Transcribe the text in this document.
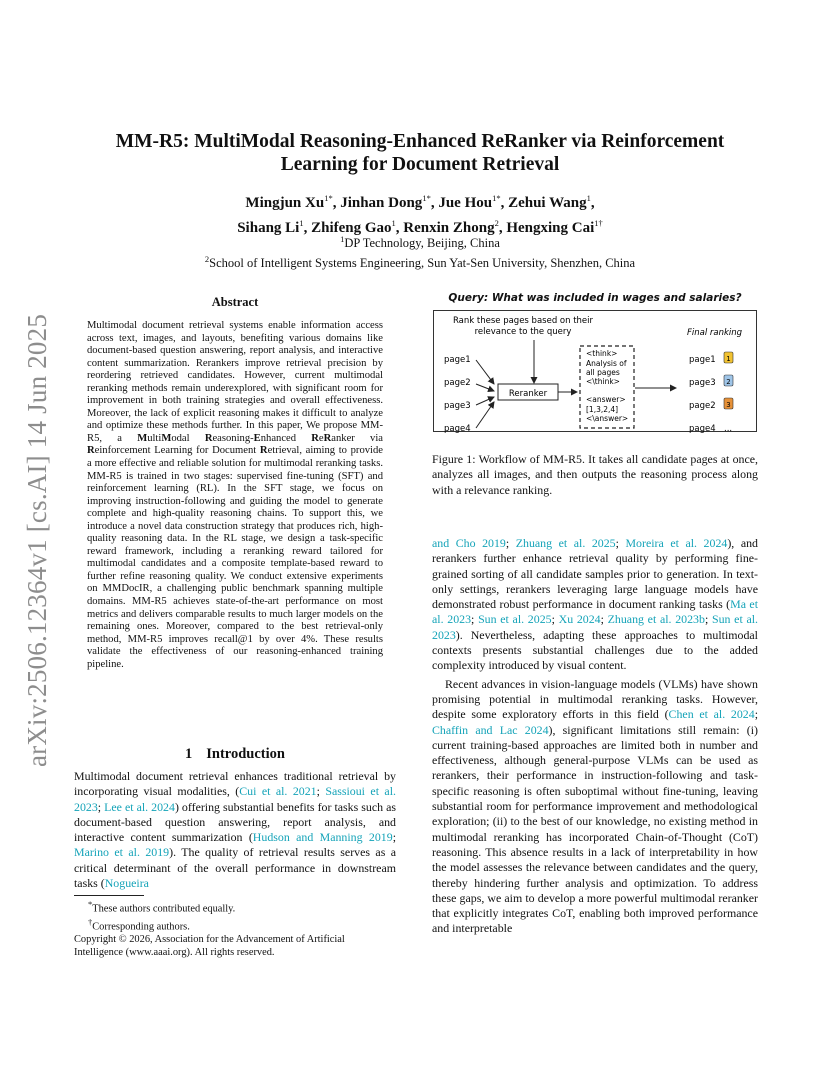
arXiv:2506.12364v1 [cs.AI] 14 Jun 2025
MM-R5: MultiModal Reasoning-Enhanced ReRanker via Reinforcement Learning for Document Retrieval
Mingjun $Xu^{1*}$, Jinhan Dong$^{1*}$, Jue Hou$^{1*}$, Zehui Wang$^1$,
Sihang Li$^1$, Zhifeng Gao$^1$, Renxin Zhong$^2$, Hengxing Cai$^{1\dagger}$
$^1$DP Technology, Beijing, China
$^2$School of Intelligent Systems Engineering, Sun Yat-Sen University, Shenzhen, China
Abstract
Multimodal document retrieval systems enable information access across text, images, and layouts, benefiting various domains like document-based question answering, report analysis, and interactive content summarization. Rerankers improve retrieval precision by reordering retrieved candidates. However, current multimodal reranking methods remain underexplored, with significant room for improvement in both training strategies and overall effectiveness. Moreover, the lack of explicit reasoning makes it difficult to analyze and optimize these methods further. In this paper, We propose MM-R5, a MultiModal Reasoning-Enhanced ReRanker via Reinforcement Learning for Document Retrieval, aiming to provide a more effective and reliable solution for multimodal reranking tasks. MM-R5 is trained in two stages: supervised fine-tuning (SFT) and reinforcement learning (RL). In the SFT stage, we focus on improving instruction-following and guiding the model to generate complete and high-quality reasoning chains. To support this, we introduce a novel data construction strategy that produces rich, high-quality reasoning data. In the RL stage, we design a task-specific reward framework, including a reranking reward tailored for multimodal candidates and a composite template-based reward to further refine reasoning quality. We conduct extensive experiments on MMDocIR, a challenging public benchmark spanning multiple domains. MM-R5 achieves state-of-the-art performance on most metrics and delivers comparable results to much larger models on the remaining ones. Moreover, compared to the best retrieval-only method, MM-R5 improves recall@1 by over 4%. These results validate the effectiveness of our reasoning-enhanced training pipeline.
1 Introduction
Multimodal document retrieval enhances traditional retrieval by incorporating visual modalities, (Cui et al. 2021; Sassioui et al. 2023; Lee et al. 2024) offering substantial benefits for tasks such as document-based question answering, report analysis, and interactive content summarization (Hudson and Manning 2019; Marino et al. 2019). The quality of retrieval results serves as a critical determinant of the overall performance in downstream tasks (Nogueira
*These authors contributed equally.
†Corresponding authors.
Copyright © 2026, Association for the Advancement of Artificial Intelligence (www.aaai.org). All rights reserved.
Query: What was included in wages and salaries?
Rank these pages based on their
relevance to the query
page1
page2
page3
page4
Reranker
<think>
Analysis of
all pages
<\think>
<answer>
[1,3,2,4]
<\answer>
Final ranking
page1
page3
page2
page4
1
2
3
...
Figure 1: Workflow of MM-R5. It takes all candidate pages at once, analyzes all images, and then outputs the reasoning process along with a relevance ranking.

and Cho 2019; Zhuang et al. 2025; Moreira et al. 2024), and rerankers further enhance retrieval quality by performing fine-grained sorting of all candidate samples prior to generation. In text-only settings, rerankers leveraging large language models have demonstrated robust performance in document ranking tasks (Ma et al. 2023; Sun et al. 2025; Xu 2024; Zhuang et al. 2023b; Sun et al. 2023). Nevertheless, adapting these approaches to multimodal contexts presents substantial challenges due to the added complexity introduced by visual content.

Recent advances in vision-language models (VLMs) have shown promising potential in multimodal reranking tasks. However, despite some exploratory efforts in this field (Chen et al. 2024; Chaffin and Lac 2024), significant limitations still remain: (i) current training-based approaches are limited both in number and effectiveness, although general-purpose VLMs can be used as rerankers, their performance in instruction-following and task-specific reasoning is often suboptimal without fine-tuning, leaving substantial room for performance improvement and methodological exploration; (ii) to the best of our knowledge, no existing method in multimodal reranking has incorporated Chain-of-Thought (CoT) reasoning. This absence results in a lack of interpretability in how the model assesses the relevance between candidates and the query, thereby hindering further analysis and optimization. To address these gaps, we aim to develop a more powerful multimodal reranker that explicitly integrates CoT, enabling both improved performance and interpretable
